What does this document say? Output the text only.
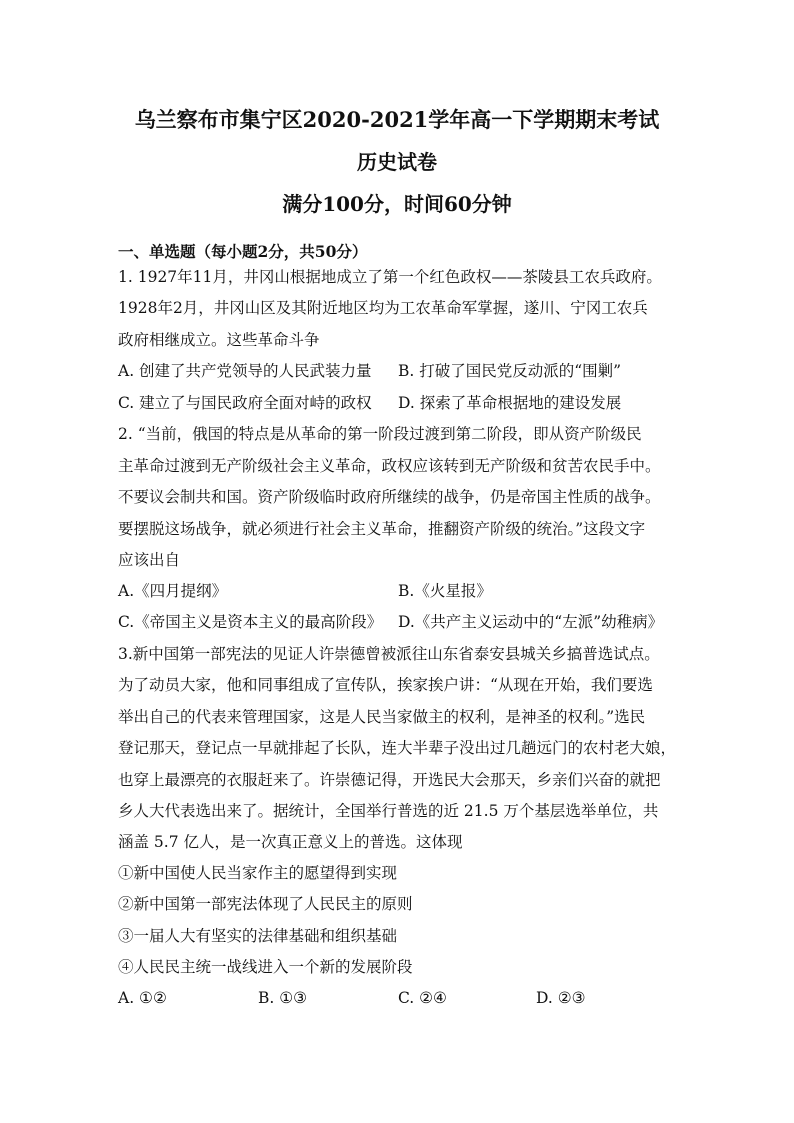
乌兰察布市集宁区2020-2021学年高一下学期期末考试
历史试卷
满分100分，时间60分钟
一、单选题（每小题2分，共50分）
1. 1927年11月，井冈山根据地成立了第一个红色政权——茶陵县工农兵政府。
1928年2月，井冈山区及其附近地区均为工农革命军掌握，遂川、宁冈工农兵
政府相继成立。这些革命斗争
A. 创建了共产党领导的人民武装力量 B. 打破了国民党反动派的“围剿”
C. 建立了与国民政府全面对峙的政权 D. 探索了革命根据地的建设发展
2. “当前，俄国的特点是从革命的第一阶段过渡到第二阶段，即从资产阶级民
主革命过渡到无产阶级社会主义革命，政权应该转到无产阶级和贫苦农民手中。
不要议会制共和国。资产阶级临时政府所继续的战争，仍是帝国主性质的战争。
要摆脱这场战争，就必须进行社会主义革命，推翻资产阶级的统治。”这段文字
应该出自
A.《四月提纲》	B.《火星报》
C.《帝国主义是资本主义的最高阶段》 D.《共产主义运动中的“左派”幼稚病》
3.新中国第一部宪法的见证人许崇德曾被派往山东省泰安县城关乡搞普选试点。
为了动员大家，他和同事组成了宣传队，挨家挨户讲：“从现在开始，我们要选
举出自己的代表来管理国家，这是人民当家做主的权利，是神圣的权利。”选民
登记那天，登记点一早就排起了长队，连大半辈子没出过几趟远门的农村老大娘，
也穿上最漂亮的衣服赶来了。许崇德记得，开选民大会那天，乡亲们兴奋的就把
乡人大代表选出来了。据统计，全国举行普选的近 21.5 万个基层选举单位，共
涵盖 5.7 亿人，是一次真正意义上的普选。这体现
①新中国使人民当家作主的愿望得到实现
②新中国第一部宪法体现了人民民主的原则
③一届人大有坚实的法律基础和组织基础
④人民民主统一战线进入一个新的发展阶段
A. ①②	B. ①③	C. ②④	D. ②③
